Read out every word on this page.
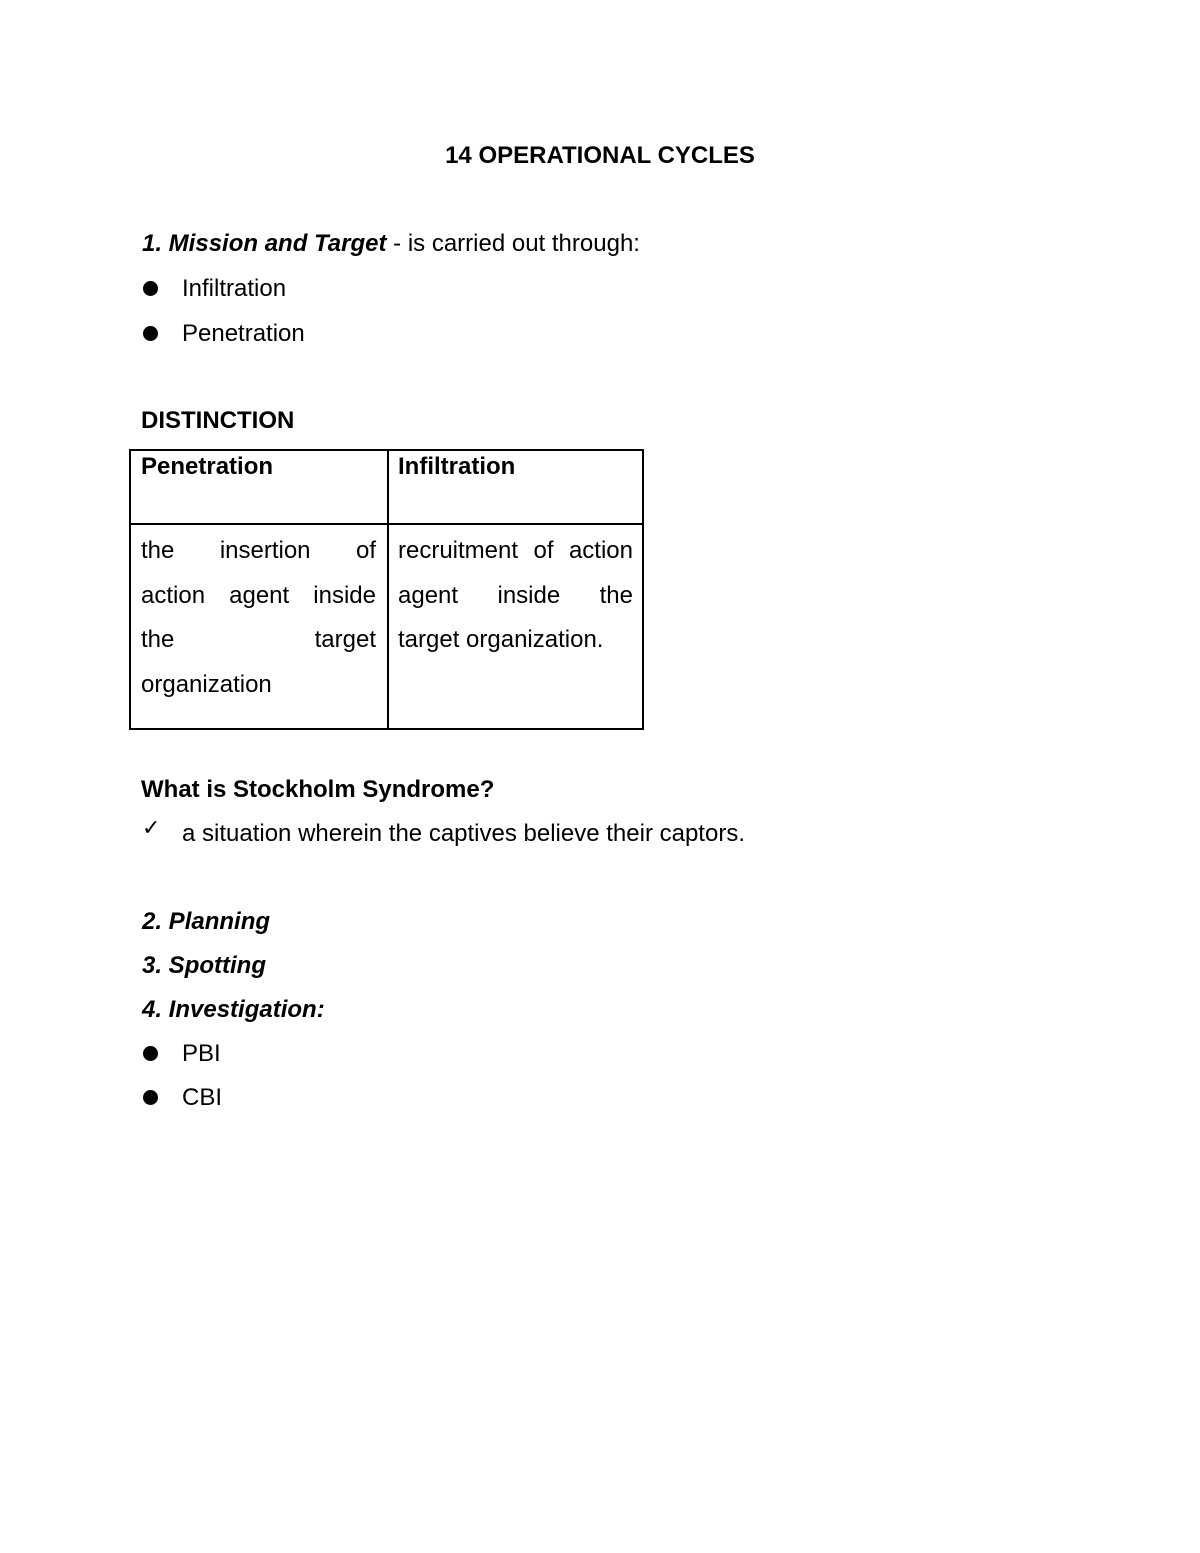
14 OPERATIONAL CYCLES
1. Mission and Target - is carried out through:
Infiltration
Penetration
DISTINCTION
Penetration	Infiltration
the insertion of
action agent inside
the	target
organization
recruitment of action
agent inside the
target organization.
What is Stockholm Syndrome?
✓ a situation wherein the captives believe their captors.
2. Planning
3. Spotting
4. Investigation:
PBI
CBI
